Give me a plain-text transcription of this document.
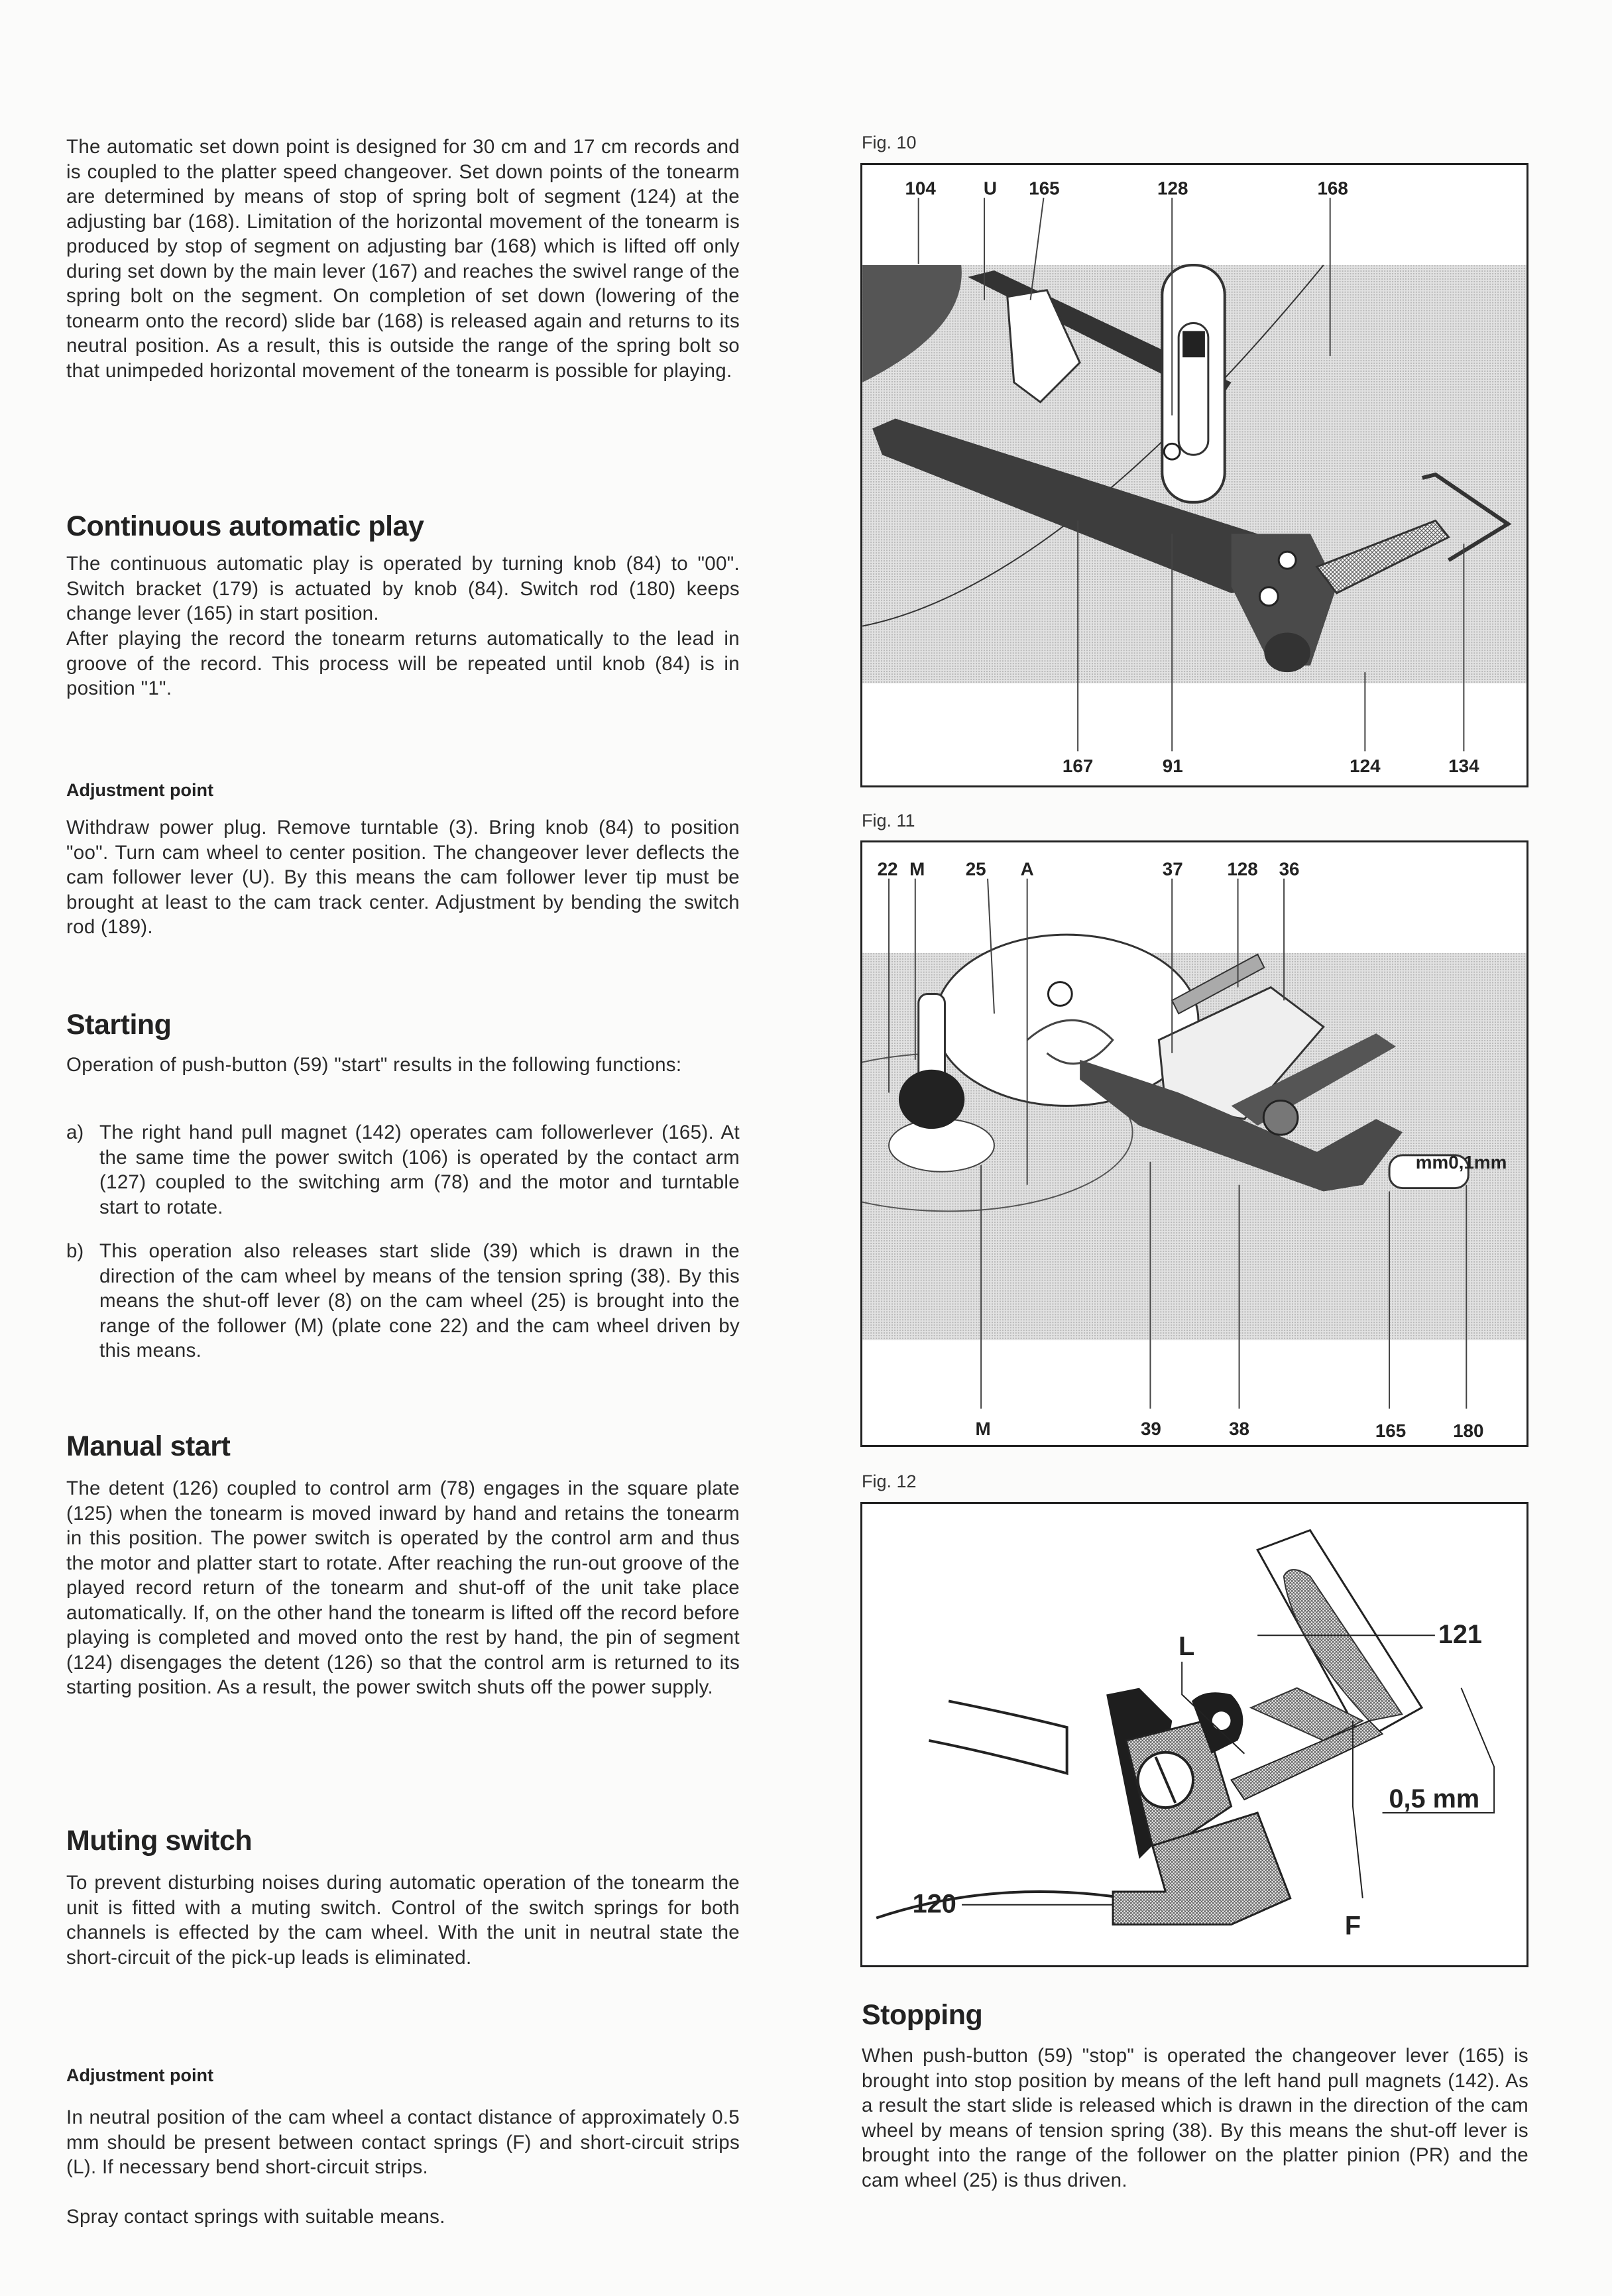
The automatic set down point is designed for 30 cm and 17 cm records and is coupled to the platter speed changeover. Set down points of the tonearm are determined by means of stop of spring bolt of segment (124) at the adjusting bar (168). Limitation of the horizontal movement of the tonearm is produced by stop of segment on adjusting bar (168) which is lifted off only during set down by the main lever (167) and reaches the swivel range of the spring bolt on the segment. On completion of set down (lowering of the tonearm onto the record) slide bar (168) is released again and returns to its neutral position. As a result, this is outside the range of the spring bolt so that unimpeded horizontal movement of the tonearm is possible for playing.

Continuous automatic play

The continuous automatic play is operated by turning knob (84) to "00". Switch bracket (179) is actuated by knob (84). Switch rod (180) keeps change lever (165) in start position.

After playing the record the tonearm returns automatically to the lead in groove of the record. This process will be repeated until knob (84) is in position "1".

Adjustment point

Withdraw power plug. Remove turntable (3). Bring knob (84) to position "oo". Turn cam wheel to center position. The changeover lever deflects the cam follower lever (U). By this means the cam follower lever tip must be brought at least to the cam track center. Adjustment by bending the switch rod (189).

Starting

Operation of push-button (59) "start" results in the following functions:

a) The right hand pull magnet (142) operates cam followerlever (165). At the same time the power switch (106) is operated by the contact arm (127) coupled to the switching arm (78) and the motor and turntable start to rotate.
b) This operation also releases start slide (39) which is drawn in the direction of the cam wheel by means of the tension spring (38). By this means the shut-off lever (8) on the cam wheel (25) is brought into the range of the follower (M) (plate cone 22) and the cam wheel driven by this means.
Manual start

The detent (126) coupled to control arm (78) engages in the square plate (125) when the tonearm is moved inward by hand and retains the tonearm in this position. The power switch is operated by the control arm and thus the motor and platter start to rotate. After reaching the run-out groove of the played record return of the tonearm and shut-off of the unit take place automatically. If, on the other hand the tonearm is lifted off the record before playing is completed and moved onto the rest by hand, the pin of segment (124) disengages the detent (126) so that the control arm is returned to its starting position. As a result, the power switch shuts off the power supply.

Muting switch

To prevent disturbing noises during automatic operation of the tonearm the unit is fitted with a muting switch. Control of the switch springs for both channels is effected by the cam wheel. With the unit in neutral state the short-circuit of the pick-up leads is eliminated.

Adjustment point

In neutral position of the cam wheel a contact distance of approximately 0.5 mm should be present between contact springs (F) and short-circuit strips (L). If necessary bend short-circuit strips.

Spray contact springs with suitable means.

Stopping

When push-button (59) "stop" is operated the changeover lever (165) is brought into stop position by means of the left hand pull magnets (142). As a result the start slide is released which is drawn in the direction of the cam wheel by means of tension spring (38). By this means the shut-off lever is brought into the range of the follower on the platter pinion (PR) and the cam wheel (25) is thus driven.

Fig. 10
104	U 165	128	168
167	91	124	134
Fig. 11
mm0,1mm
22 M 25 A	37 128 36
M	39	38	165	180
Fig. 12
L	121
0,5 mm
120
F
